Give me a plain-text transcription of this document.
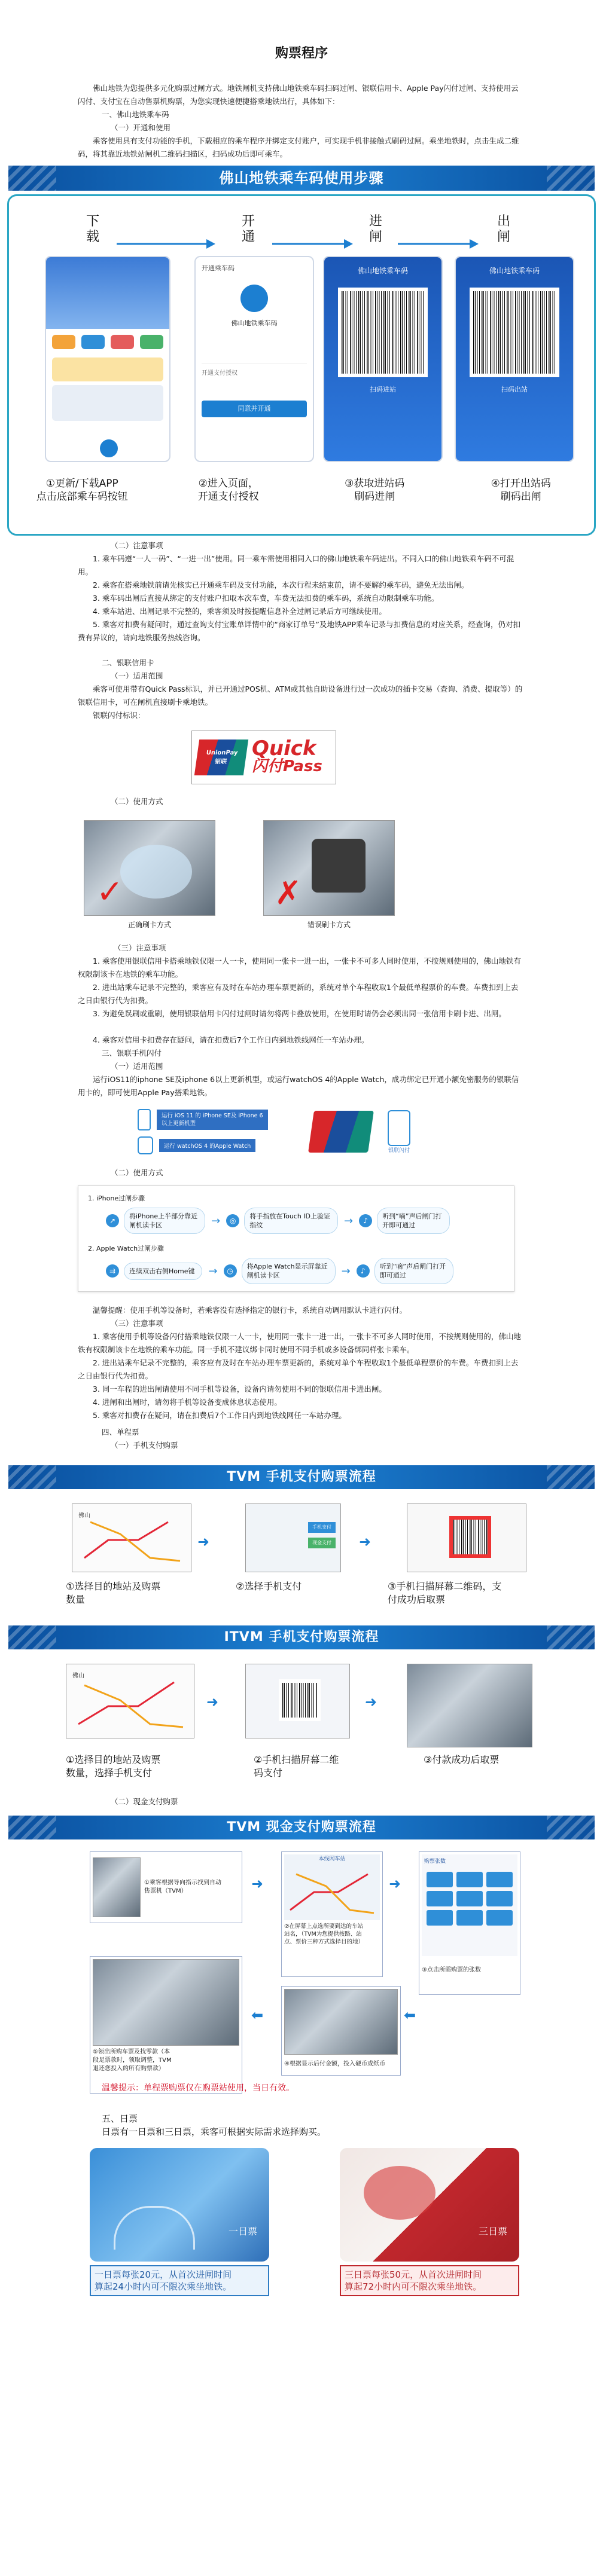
购票程序

佛山地铁为您提供多元化购票过闸方式。地铁闸机支持佛山地铁乘车码扫码过闸、银联信用卡、Apple Pay闪付过闸、支持使用云闪付、支付宝在自动售票机购票，为您实现快速便捷搭乘地铁出行，具体如下：

一、佛山地铁乘车码

（一）开通和使用

乘客使用具有支付功能的手机，下载相应的乘车程序并绑定支付账户，可实现手机非接触式刷码过闸。乘坐地铁时，点击生成二维码，将其靠近地铁站闸机二维码扫描区，扫码成功后即可乘车。

佛山地铁乘车码使用步骤
下载
开通
进闸
出闸
开通乘车码
佛山地铁乘车码
开通支付授权
同意并开通
佛山地铁乘车码
扫码进站
佛山地铁乘车码
扫码出站
①更新/下载APP
点击底部乘车码按钮
②进入页面，
开通支付授权
③获取进站码
刷码进闸
④打开出站码
刷码出闸

（二）注意事项

1. 乘车码遵“一人一码”、“一进一出”使用。同一乘车需使用相同入口的佛山地铁乘车码进出。不同入口的佛山地铁乘车码不可混用。

2. 乘客在搭乘地铁前请先核实已开通乘车码及支付功能，本次行程未结束前，请不要解约乘车码，避免无法出闸。

3. 乘车码出闸后直接从绑定的支付账户扣取本次车费，车费无法扣费的乘车码，系统自动限制乘车功能。

4. 乘车站进、出闸记录不完整的，乘客须及时按提醒信息补全过闸记录后方可继续使用。

5. 乘客对扣费有疑问时，通过查询支付宝账单详情中的“商家订单号”及地铁APP乘车记录与扣费信息的对应关系，经查询，仍对扣费有异议的，请向地铁服务热线咨询。

二、银联信用卡

（一）适用范围

乘客可使用带有Quick Pass标识，并已开通过POS机、ATM或其他自助设备进行过一次成功的插卡交易（查询、消费、提取等）的银联信用卡，可在闸机直接刷卡乘地铁。

银联闪付标识：

UnionPay
银联
Quick
闪付Pass

（二）使用方式

✓
正确刷卡方式
✗
错误刷卡方式

（三）注意事项

1. 乘客使用银联信用卡搭乘地铁仅限一人一卡，使用同一张卡一进一出，一张卡不可多人同时使用，不按规则使用的，佛山地铁有权限制该卡在地铁的乘车功能。

2. 进出站乘车记录不完整的，乘客应有及时在车站办理车票更新的，系统对单个车程收取1个最低单程票价的车费。车费扣到上去之日由银行代为扣费。

3. 为避免误刷或重刷，使用银联信用卡闪付过闸时请勿将两卡叠放使用，在使用时请仍会必须出同一张信用卡刷卡进、出闸。

4. 乘客对信用卡扣费存在疑问，请在扣费后7个工作日内到地铁线网任一车站办理。

三、银联手机闪付

（一）适用范围

运行iOS11的iphone SE及iphone 6以上更新机型，或运行watchOS 4的Apple Watch，成功绑定已开通小额免密服务的银联信用卡的，即可使用Apple Pay搭乘地铁。

运行 iOS 11 的 iPhone SE及 iPhone 6
以上更新机型
运行 watchOS 4 的Apple Watch
银联闪付

（二）使用方式

1. iPhone过闸步骤
↗
将iPhone上半部分靠近
闸机读卡区	→	◎
将手指放在Touch ID上验证
指纹	→	♪
听到“嘀”声后闸门打
开即可通过
2. Apple Watch过闸步骤
⇉	连续双击右侧Home键	→	◷
将Apple Watch显示屏靠近
闸机读卡区	→	♪
听到“嘀”声后闸门打开
即可通过

温馨提醒：使用手机等设备时，若乘客没有选择指定的银行卡，系统自动调用默认卡进行闪付。

（三）注意事项

1. 乘客使用手机等设备闪付搭乘地铁仅限一人一卡，使用同一张卡一进一出，一张卡不可多人同时使用，不按规则使用的，佛山地铁有权限制该卡在地铁的乘车功能。同一手机不建议绑卡同时使用不同手机或多设备绑同样张卡乘车。

2. 进出站乘车记录不完整的，乘客应有及时在车站办理车票更新的，系统对单个车程收取1个最低单程票价的车费。车费扣到上去之日由银行代为扣费。

3. 同一车程的进出闸请使用不同手机等设备，设备内请勿使用不同的银联信用卡进出闸。

4. 进闸和出闸时，请勿将手机等设备变成休息状态使用。

5. 乘客对扣费存在疑问，请在扣费后7个工作日内到地铁线网任一车站办理。

四、单程票

（一）手机支付购票

TVM 手机支付购票流程
佛山
➜
手机支付
现金支付 ➜
①选择目的地站及购票
数量
②选择手机支付	③手机扫描屏幕二维码，支
付成功后取票
ITVM 手机支付购票流程
佛山
➜	➜
①选择目的地站及购票
数量，选择手机支付
②手机扫描屏幕二维
码支付
③付款成功后取票

（二）现金支付购票

TVM 现金支付购票流程
①乘客根据导向指示找到自动
售票机（TVM）	➜
本线网车站
②在屏幕上点选所要到达的车站
站名，（TVM为您提供按路、站
点、票价三种方式选择目的地）
➜
购票张数
③点击所需购票的张数
⑤领出所购车票及找零款（本
段足票款时，领取调整，TVM
退还您投入的所有购票款）
⬅
④根据显示后付金额，投入硬币或纸币
⬅
温馨提示：单程票购票仅在购票站使用，当日有效。

五、日票

日票有一日票和三日票，乘客可根据实际需求选择购买。

一日票
一日票每张20元，从首次进闸时间
算起24小时内可不限次乘坐地铁。
三日票
三日票每张50元，从首次进闸时间
算起72小时内可不限次乘坐地铁。
